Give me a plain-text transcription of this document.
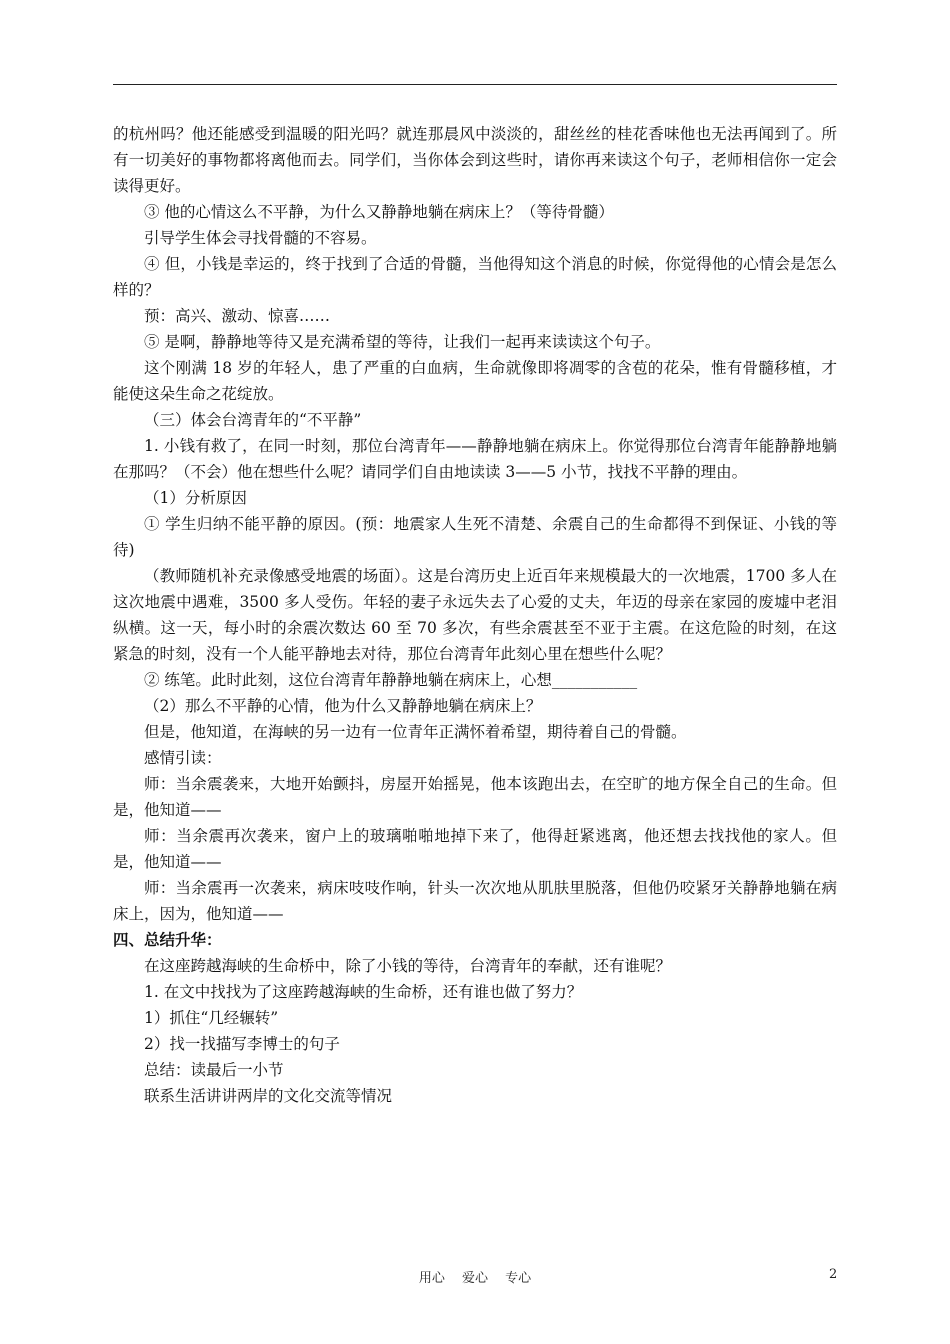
的杭州吗？他还能感受到温暖的阳光吗？就连那晨风中淡淡的，甜丝丝的桂花香味他也无法再闻到了。所有一切美好的事物都将离他而去。同学们，当你体会到这些时，请你再来读这个句子，老师相信你一定会读得更好。

③ 他的心情这么不平静，为什么又静静地躺在病床上？（等待骨髓）

引导学生体会寻找骨髓的不容易。

④ 但，小钱是幸运的，终于找到了合适的骨髓，当他得知这个消息的时候，你觉得他的心情会是怎么样的？

预：高兴、激动、惊喜……

⑤ 是啊，静静地等待又是充满希望的等待，让我们一起再来读读这个句子。

这个刚满 18 岁的年轻人，患了严重的白血病，生命就像即将凋零的含苞的花朵，惟有骨髓移植，才能使这朵生命之花绽放。

（三）体会台湾青年的“不平静”

1. 小钱有救了，在同一时刻，那位台湾青年——静静地躺在病床上。你觉得那位台湾青年能静静地躺在那吗？（不会）他在想些什么呢？请同学们自由地读读 3——5 小节，找找不平静的理由。

（1）分析原因

① 学生归纳不能平静的原因。(预：地震家人生死不清楚、余震自己的生命都得不到保证、小钱的等待)

（教师随机补充录像感受地震的场面）。这是台湾历史上近百年来规模最大的一次地震，1700 多人在这次地震中遇难，3500 多人受伤。年轻的妻子永远失去了心爱的丈夫，年迈的母亲在家园的废墟中老泪纵横。这一天，每小时的余震次数达 60 至 70 多次，有些余震甚至不亚于主震。在这危险的时刻，在这紧急的时刻，没有一个人能平静地去对待，那位台湾青年此刻心里在想些什么呢？

② 练笔。此时此刻，这位台湾青年静静地躺在病床上，心想___________

（2）那么不平静的心情，他为什么又静静地躺在病床上？

但是，他知道，在海峡的另一边有一位青年正满怀着希望，期待着自己的骨髓。

感情引读：

师：当余震袭来，大地开始颤抖，房屋开始摇晃，他本该跑出去，在空旷的地方保全自己的生命。但是，他知道——

师：当余震再次袭来，窗户上的玻璃啪啪地掉下来了，他得赶紧逃离，他还想去找找他的家人。但是，他知道——

师：当余震再一次袭来，病床吱吱作响，针头一次次地从肌肤里脱落，但他仍咬紧牙关静静地躺在病床上，因为，他知道——

四、总结升华：

在这座跨越海峡的生命桥中，除了小钱的等待，台湾青年的奉献，还有谁呢？

1. 在文中找找为了这座跨越海峡的生命桥，还有谁也做了努力？

1）抓住“几经辗转”

2）找一找描写李博士的句子

总结：读最后一小节

联系生活讲讲两岸的文化交流等情况

用心　 爱心　 专心	2
